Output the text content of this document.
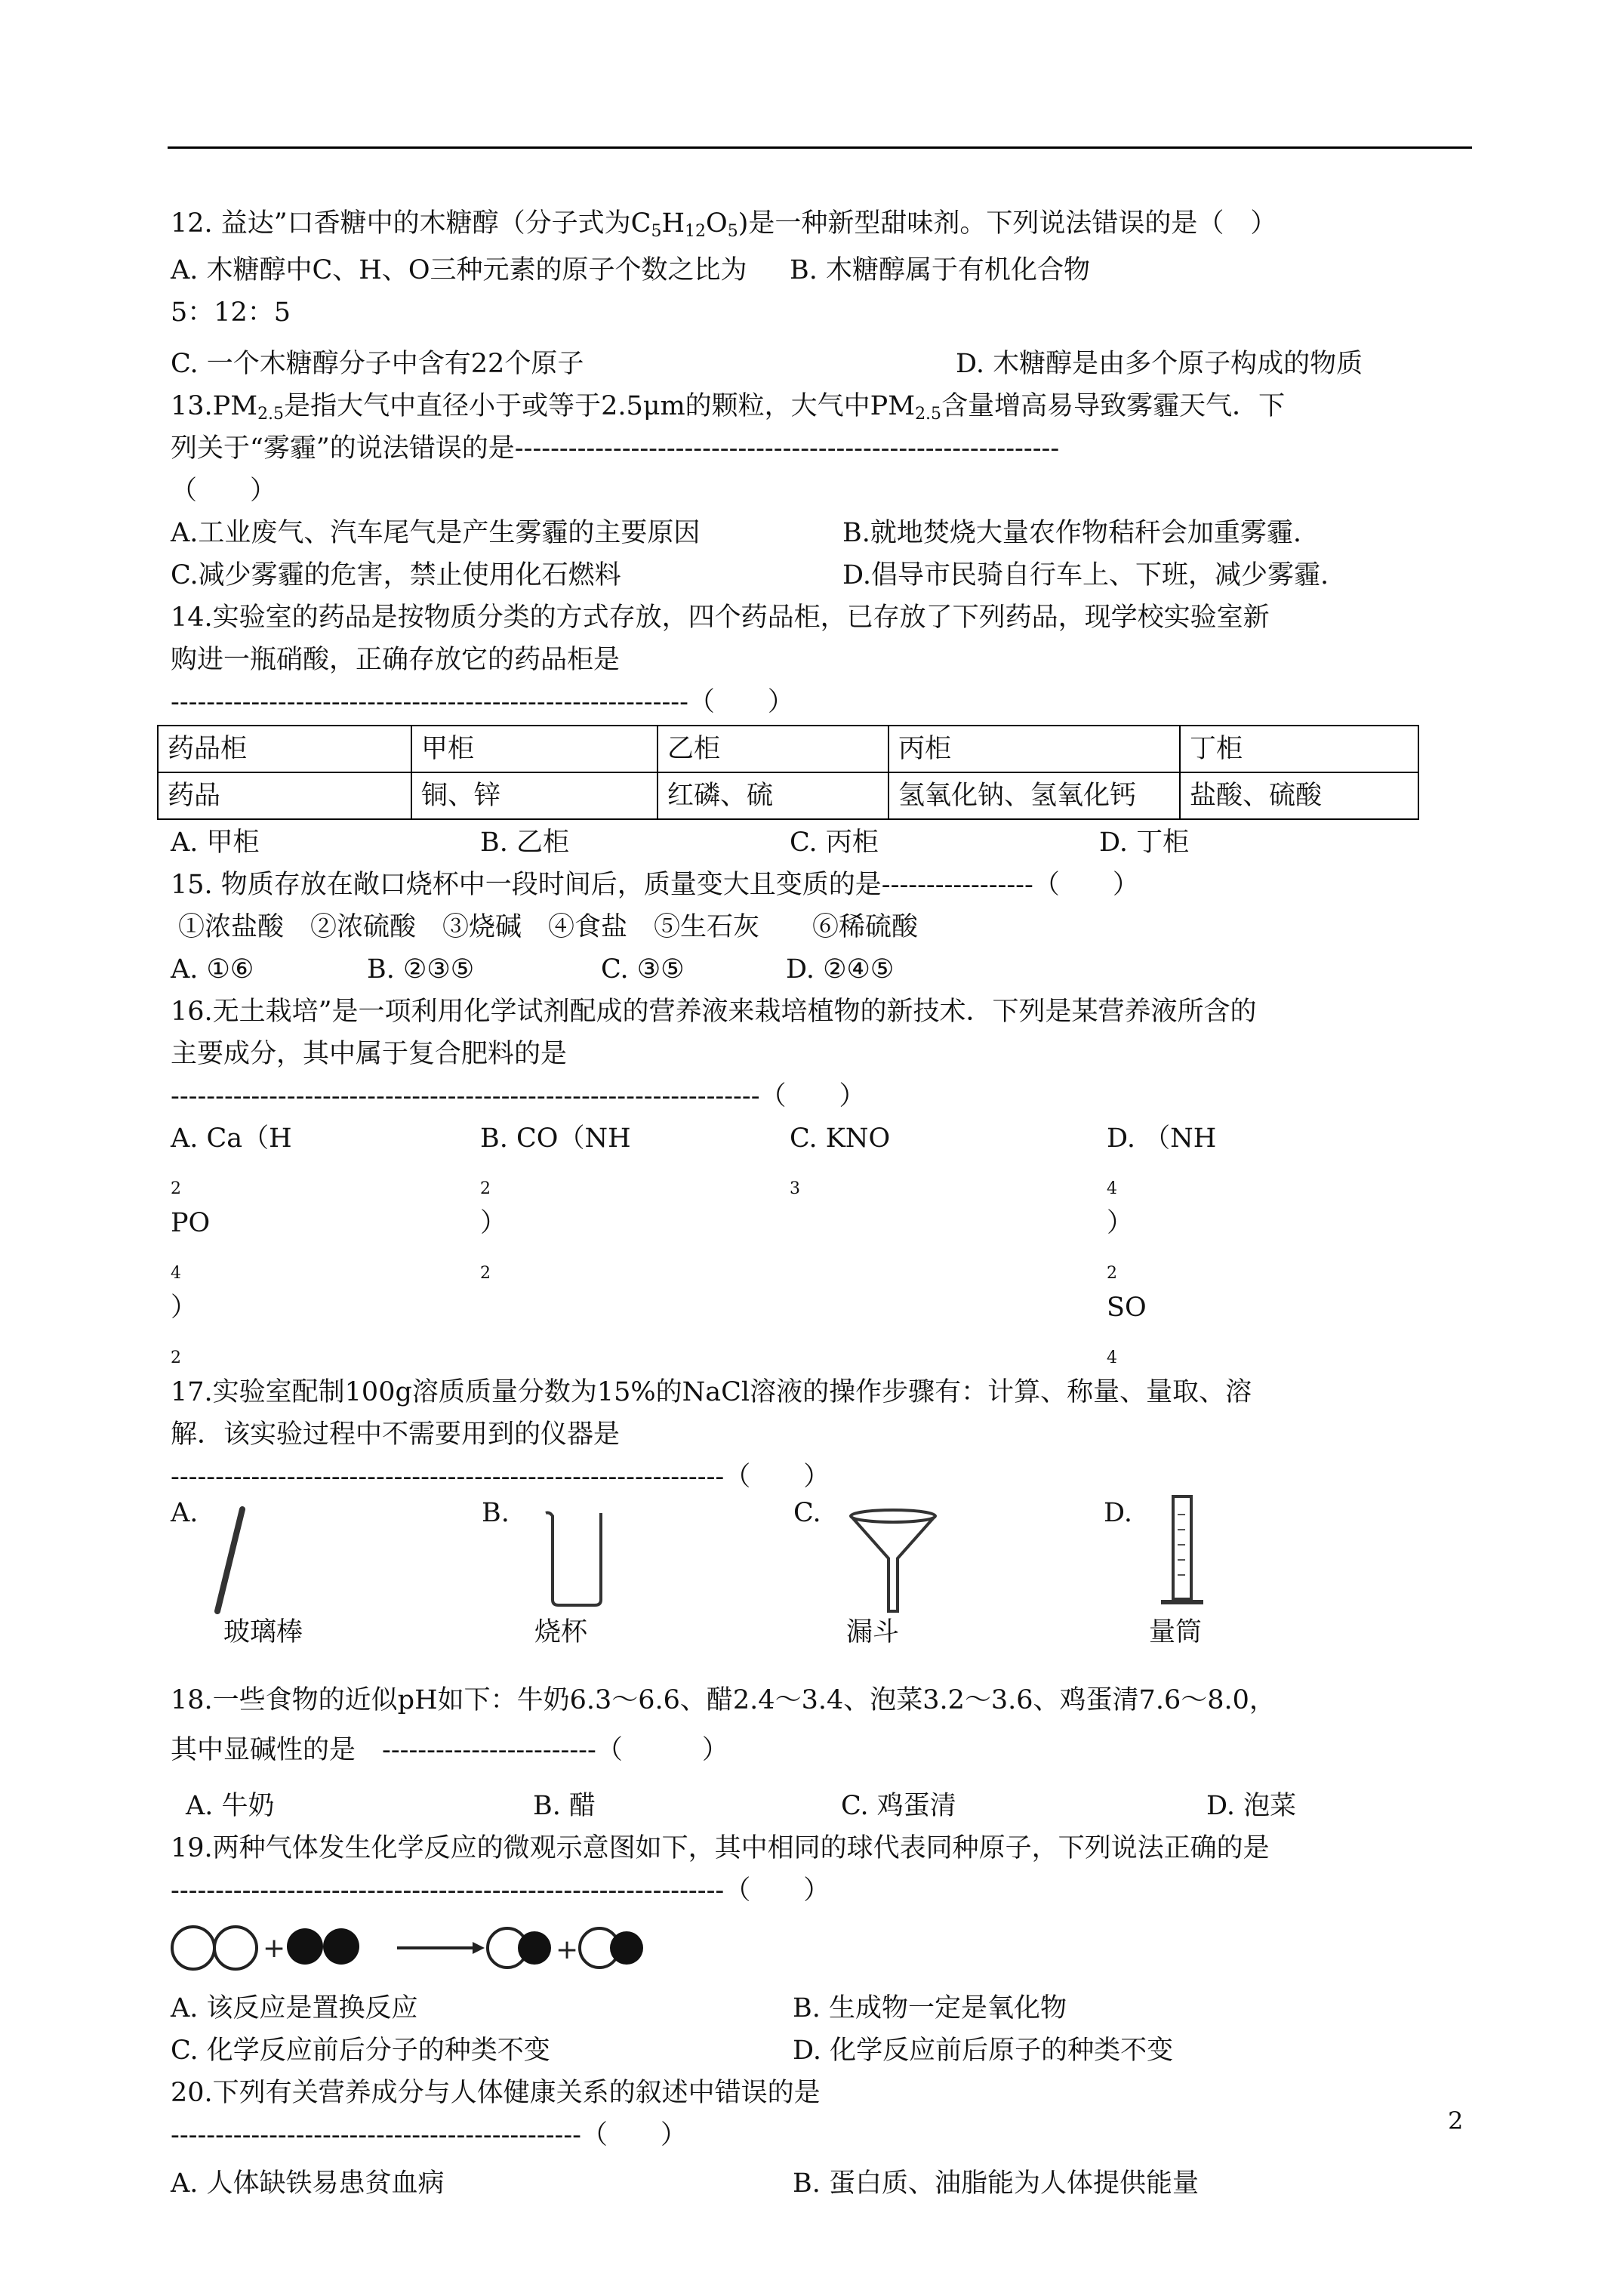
12. 益达”口香糖中的木糖醇（分子式为$C_5H_{12}O_5$)是一种新型甜味剂。下列说法错误的是（　）
A. 木糖醇中C、H、O三种元素的原子个数之比为5：12：5
B. 木糖醇属于有机化合物
C. 一个木糖醇分子中含有22个原子	D. 木糖醇是由多个原子构成的物质
$13.PM_{2.5}$是指大气中直径小于或等于2.5μm的颗粒，大气中$PM_{2.5}$含量增高易导致雾霾天气．下
列关于“雾霾”的说法错误的是-------------------------------------------------------------
（　　）
A.工业废气、汽车尾气是产生雾霾的主要原因	B.就地焚烧大量农作物秸秆会加重雾霾.
C.减少雾霾的危害，禁止使用化石燃料	D.倡导市民骑自行车上、下班，减少雾霾.
14.实验室的药品是按物质分类的方式存放，四个药品柜，已存放了下列药品，现学校实验室新
购进一瓶硝酸，正确存放它的药品柜是
----------------------------------------------------------（　　）
药品柜	甲柜	乙柜	丙柜	丁柜
药品	铜、锌	红磷、硫	氢氧化钠、氢氧化钙	盐酸、硫酸
A. 甲柜	B. 乙柜	C. 丙柜	D. 丁柜
15. 物质存放在敞口烧杯中一段时间后，质量变大且变质的是-----------------（　　）
①浓盐酸　②浓硫酸　③烧碱　④食盐　⑤生石灰　　⑥稀硫酸
A. ①⑥	B. ②③⑤	C. ③⑤	D. ②④⑤
16.无土栽培”是一项利用化学试剂配成的营养液来栽培植物的新技术．下列是某营养液所含的
主要成分，其中属于复合肥料的是
------------------------------------------------------------------（　　）
A. Ca（H
$_2$
PO
$_4$
）
$_2$
B. CO（NH
$_2$
）
$_2$
C. KNO
$_3$
D. （NH
$_4$
）
$_2$
SO
$_4$
17.实验室配制100g溶质质量分数为15%的NaCl溶液的操作步骤有：计算、称量、量取、溶
解．该实验过程中不需要用到的仪器是
--------------------------------------------------------------（　　）
A.
玻璃棒
B.
烧杯
C.
漏斗
D.
量筒
18.一些食物的近似pH如下：牛奶6.3～6.6、醋2.4～3.4、泡菜3.2～3.6、鸡蛋清7.6～8.0，
其中显碱性的是　------------------------（　　　）
A. 牛奶	B. 醋	C. 鸡蛋清	D. 泡菜
19.两种气体发生化学反应的微观示意图如下，其中相同的球代表同种原子，下列说法正确的是
--------------------------------------------------------------（　　）
+	+
A. 该反应是置换反应	B. 生成物一定是氧化物
C. 化学反应前后分子的种类不变	D. 化学反应前后原子的种类不变
20.下列有关营养成分与人体健康关系的叙述中错误的是
----------------------------------------------（　　）
A. 人体缺铁易患贫血病	B. 蛋白质、油脂能为人体提供能量
2
